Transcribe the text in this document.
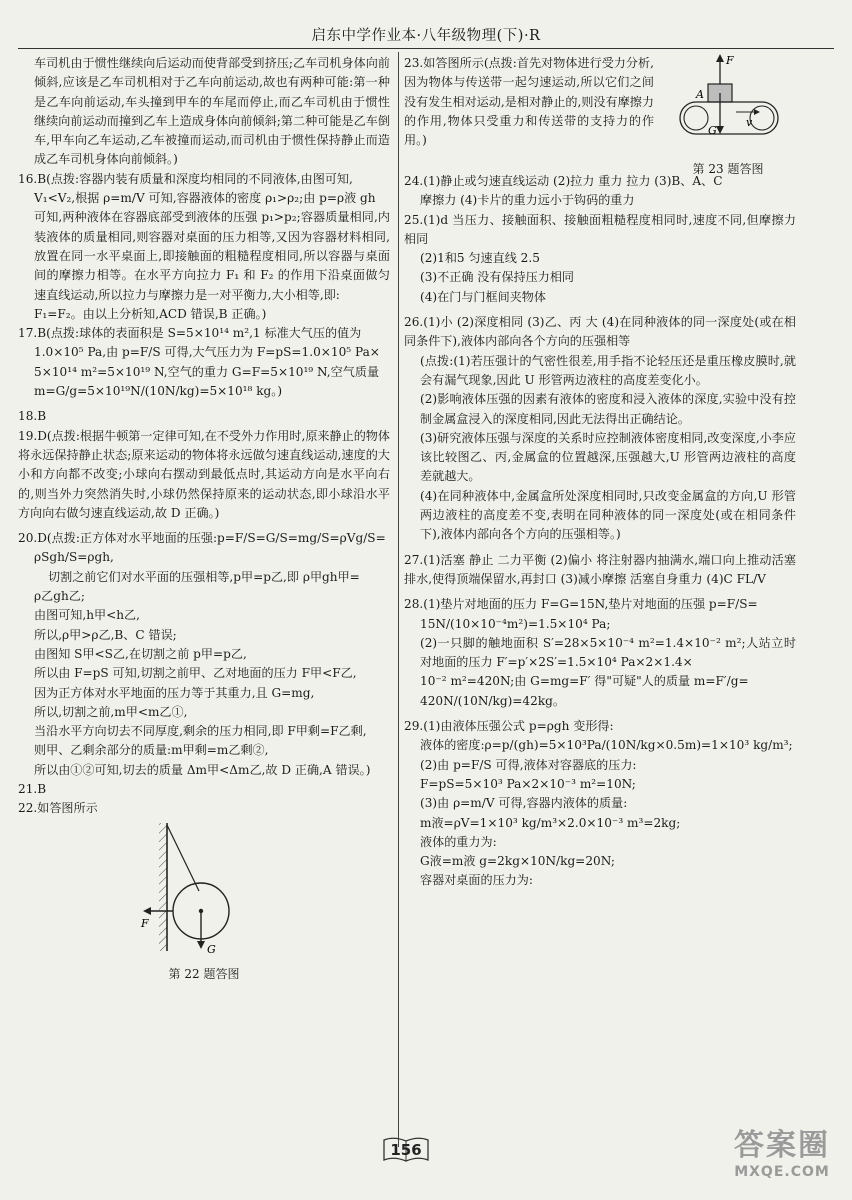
启东中学作业本·八年级物理(下)·R

车司机由于惯性继续向后运动而使背部受到挤压;乙车司机身体向前倾斜,应该是乙车司机相对于乙车向前运动,故也有两种可能:第一种是乙车向前运动,车头撞到甲车的车尾而停止,而乙车司机由于惯性继续向前运动而撞到乙车上造成身体向前倾斜;第二种可能是乙车倒车,甲车向乙车运动,乙车被撞而运动,而司机由于惯性保持静止而造成乙车司机身体向前倾斜。)

16.B(点拨:容器内装有质量和深度均相同的不同液体,由图可知,

V₁<V₂,根据 ρ=m/V 可知,容器液体的密度 ρ₁>ρ₂;由 p=ρ液 gh

可知,两种液体在容器底部受到液体的压强 p₁>p₂;容器质量相同,内装液体的质量相同,则容器对桌面的压力相等,又因为容器材料相同,放置在同一水平桌面上,即接触面的粗糙程度相同,所以容器与桌面间的摩擦力相等。在水平方向拉力 F₁ 和 F₂ 的作用下沿桌面做匀速直线运动,所以拉力与摩擦力是一对平衡力,大小相等,即:

F₁=F₂。由以上分析知,ACD 错误,B 正确。)

17.B(点拨:球体的表面积是 S=5×10¹⁴ m²,1 标准大气压的值为

1.0×10⁵ Pa,由 p=F/S 可得,大气压力为 F=pS=1.0×10⁵ Pa×

5×10¹⁴ m²=5×10¹⁹ N,空气的重力 G=F=5×10¹⁹ N,空气质量

m=G/g=5×10¹⁹N/(10N/kg)=5×10¹⁸ kg。)

18.B

19.D(点拨:根据牛顿第一定律可知,在不受外力作用时,原来静止的物体将永远保持静止状态;原来运动的物体将永远做匀速直线运动,速度的大小和方向都不改变;小球向右摆动到最低点时,其运动方向是水平向右的,则当外力突然消失时,小球仍然保持原来的运动状态,即小球沿水平方向向右做匀速直线运动,故 D 正确。)

20.D(点拨:正方体对水平地面的压强:p=F/S=G/S=mg/S=ρVg/S=

ρSgh/S=ρgh,

切割之前它们对水平面的压强相等,p甲=p乙,即 ρ甲gh甲=

ρ乙gh乙;

由图可知,h甲<h乙,

所以,ρ甲>ρ乙,B、C 错误;

由图知 S甲<S乙,在切割之前 p甲=p乙,

所以由 F=pS 可知,切割之前甲、乙对地面的压力 F甲<F乙,

因为正方体对水平地面的压力等于其重力,且 G=mg,

所以,切割之前,m甲<m乙①,

当沿水平方向切去不同厚度,剩余的压力相同,即 F甲剩=F乙剩,

则甲、乙剩余部分的质量:m甲剩=m乙剩②,

所以由①②可知,切去的质量 Δm甲<Δm乙,故 D 正确,A 错误。)

21.B

22.如答图所示

G
F
第 22 题答图

23.如答图所示(点拨:首先对物体进行受力分析,因为物体与传送带一起匀速运动,所以它们之间没有发生相对运动,是相对静止的,则没有摩擦力的作用,物体只受重力和传送带的支持力的作用。)

F
A
G
v
第 23 题答图

24.(1)静止或匀速直线运动 (2)拉力 重力 拉力 (3)B、A、C

摩擦力 (4)卡片的重力远小于钩码的重力

25.(1)d 当压力、接触面积、接触面粗糙程度相同时,速度不同,但摩擦力相同

(2)1和5 匀速直线 2.5

(3)不正确 没有保持压力相同

(4)在门与门框间夹物体

26.(1)小 (2)深度相同 (3)乙、丙 大 (4)在同种液体的同一深度处(或在相同条件下),液体内部向各个方向的压强相等

(点拨:(1)若压强计的气密性很差,用手指不论轻压还是重压橡皮膜时,就会有漏气现象,因此 U 形管两边液柱的高度差变化小。

(2)影响液体压强的因素有液体的密度和浸入液体的深度,实验中没有控制金属盒浸入的深度相同,因此无法得出正确结论。

(3)研究液体压强与深度的关系时应控制液体密度相同,改变深度,小李应该比较图乙、丙,金属盒的位置越深,压强越大,U 形管两边液柱的高度差就越大。

(4)在同种液体中,金属盒所处深度相同时,只改变金属盒的方向,U 形管两边液柱的高度差不变,表明在同种液体的同一深度处(或在相同条件下),液体内部向各个方向的压强相等。)

27.(1)活塞 静止 二力平衡 (2)偏小 将注射器内抽满水,端口向上推动活塞排水,使得顶端保留水,再封口 (3)减小摩擦 活塞自身重力 (4)C FL/V

28.(1)垫片对地面的压力 F=G=15N,垫片对地面的压强 p=F/S=

15N/(10×10⁻⁴m²)=1.5×10⁴ Pa;

(2)一只脚的触地面积 S′=28×5×10⁻⁴ m²=1.4×10⁻² m²;人站立时对地面的压力 F′=p′×2S′=1.5×10⁴ Pa×2×1.4×

10⁻² m²=420N;由 G=mg=F′ 得"可疑"人的质量 m=F′/g=

420N/(10N/kg)=42kg。

29.(1)由液体压强公式 p=ρgh 变形得:

液体的密度:ρ=p/(gh)=5×10³Pa/(10N/kg×0.5m)=1×10³ kg/m³;

(2)由 p=F/S 可得,液体对容器底的压力:

F=pS=5×10³ Pa×2×10⁻³ m²=10N;

(3)由 ρ=m/V 可得,容器内液体的质量:

m液=ρV=1×10³ kg/m³×2.0×10⁻³ m³=2kg;

液体的重力为:

G液=m液 g=2kg×10N/kg=20N;

容器对桌面的压力为:

156	答案圈
MXQE.COM
